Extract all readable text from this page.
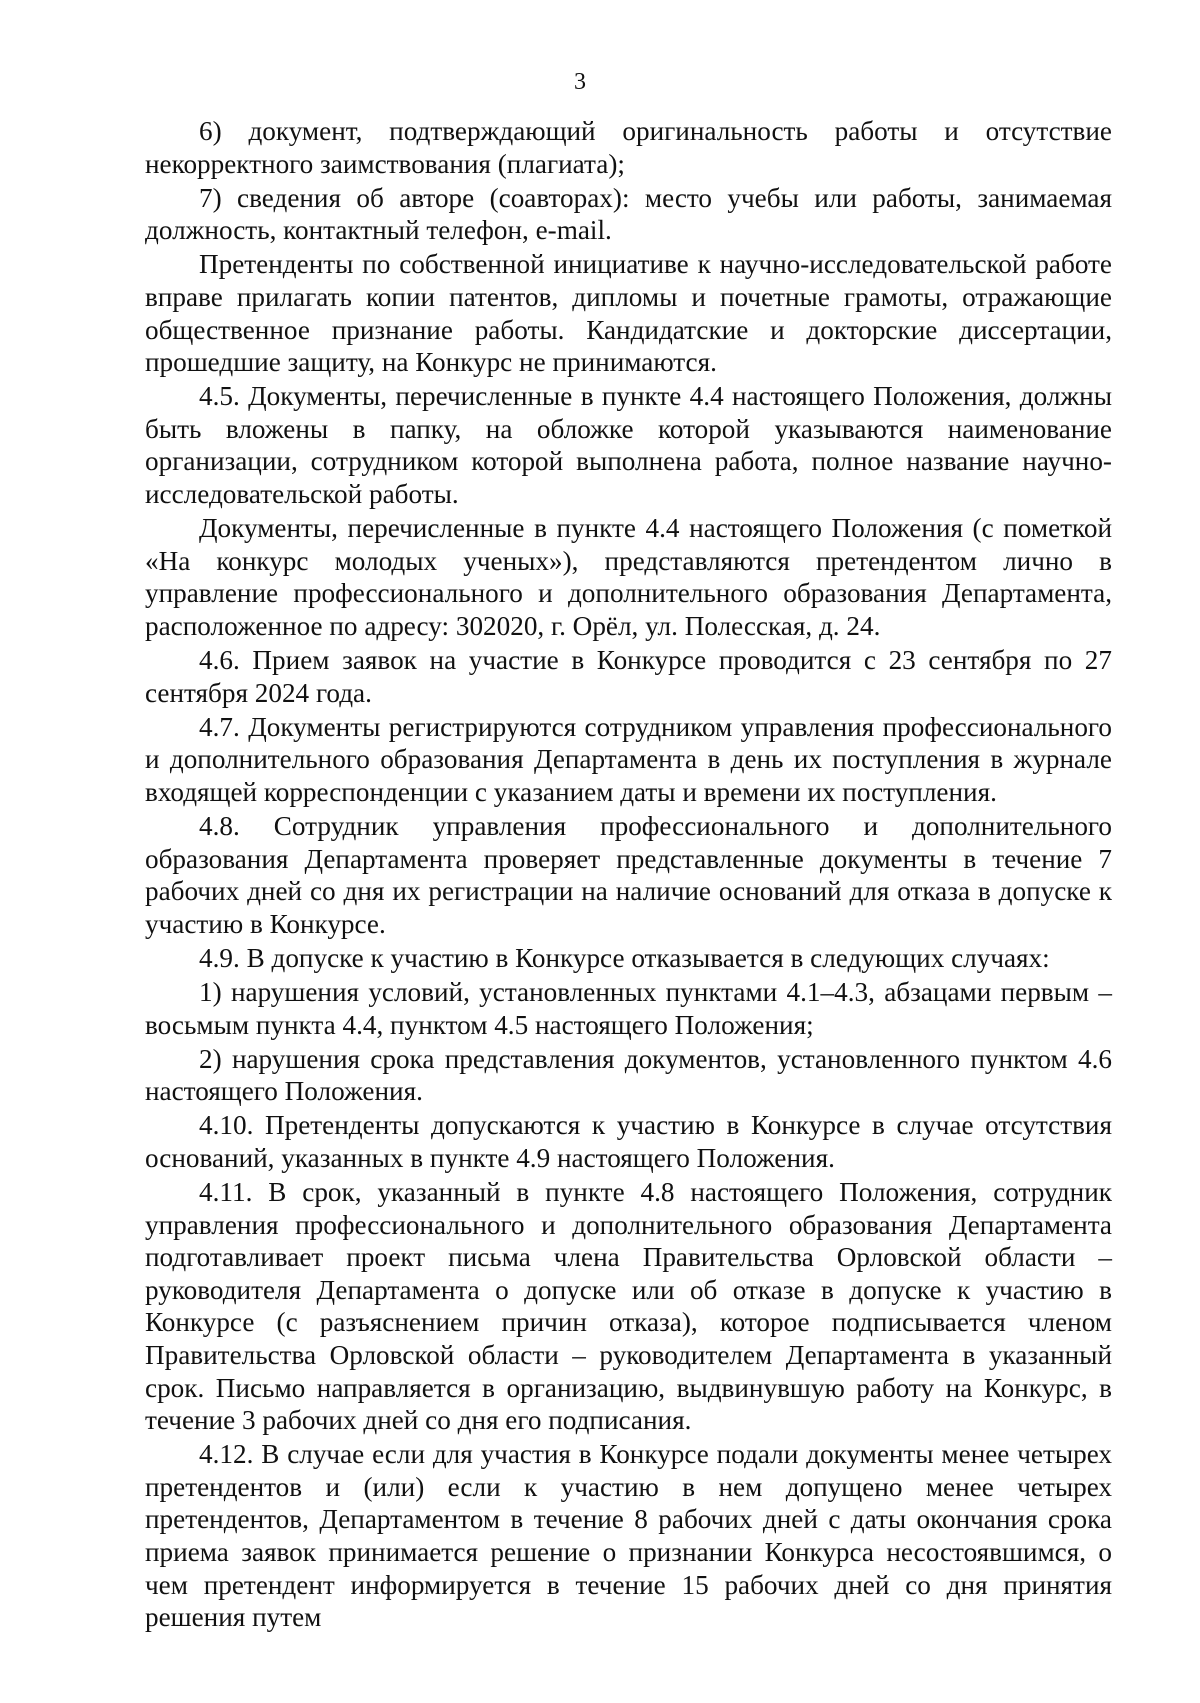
3

6) документ, подтверждающий оригинальность работы и отсутствие некорректного заимствования (плагиата);

7) сведения об авторе (соавторах): место учебы или работы, занимаемая должность, контактный телефон, e-mail.

Претенденты по собственной инициативе к научно-исследовательской работе вправе прилагать копии патентов, дипломы и почетные грамоты, отражающие общественное признание работы. Кандидатские и докторские диссертации, прошедшие защиту, на Конкурс не принимаются.

4.5. Документы, перечисленные в пункте 4.4 настоящего Положения, должны быть вложены в папку, на обложке которой указываются наименование организации, сотрудником которой выполнена работа, полное название научно-исследовательской работы.

Документы, перечисленные в пункте 4.4 настоящего Положения (с пометкой «На конкурс молодых ученых»), представляются претендентом лично в управление профессионального и дополнительного образования Департамента, расположенное по адресу: 302020, г. Орёл, ул. Полесская, д. 24.

4.6. Прием заявок на участие в Конкурсе проводится с 23 сентября по 27 сентября 2024 года.

4.7. Документы регистрируются сотрудником управления профессионального и дополнительного образования Департамента в день их поступления в журнале входящей корреспонденции с указанием даты и времени их поступления.

4.8. Сотрудник управления профессионального и дополнительного образования Департамента проверяет представленные документы в течение 7 рабочих дней со дня их регистрации на наличие оснований для отказа в допуске к участию в Конкурсе.

4.9. В допуске к участию в Конкурсе отказывается в следующих случаях:

1) нарушения условий, установленных пунктами 4.1–4.3, абзацами первым – восьмым пункта 4.4, пунктом 4.5 настоящего Положения;

2) нарушения срока представления документов, установленного пунктом 4.6 настоящего Положения.

4.10. Претенденты допускаются к участию в Конкурсе в случае отсутствия оснований, указанных в пункте 4.9 настоящего Положения.

4.11. В срок, указанный в пункте 4.8 настоящего Положения, сотрудник управления профессионального и дополнительного образования Департамента подготавливает проект письма члена Правительства Орловской области – руководителя Департамента о допуске или об отказе в допуске к участию в Конкурсе (с разъяснением причин отказа), которое подписывается членом Правительства Орловской области – руководителем Департамента в указанный срок. Письмо направляется в организацию, выдвинувшую работу на Конкурс, в течение 3 рабочих дней со дня его подписания.

4.12. В случае если для участия в Конкурсе подали документы менее четырех претендентов и (или) если к участию в нем допущено менее четырех претендентов, Департаментом в течение 8 рабочих дней с даты окончания срока приема заявок принимается решение о признании Конкурса несостоявшимся, о чем претендент информируется в течение 15 рабочих дней со дня принятия решения путем
